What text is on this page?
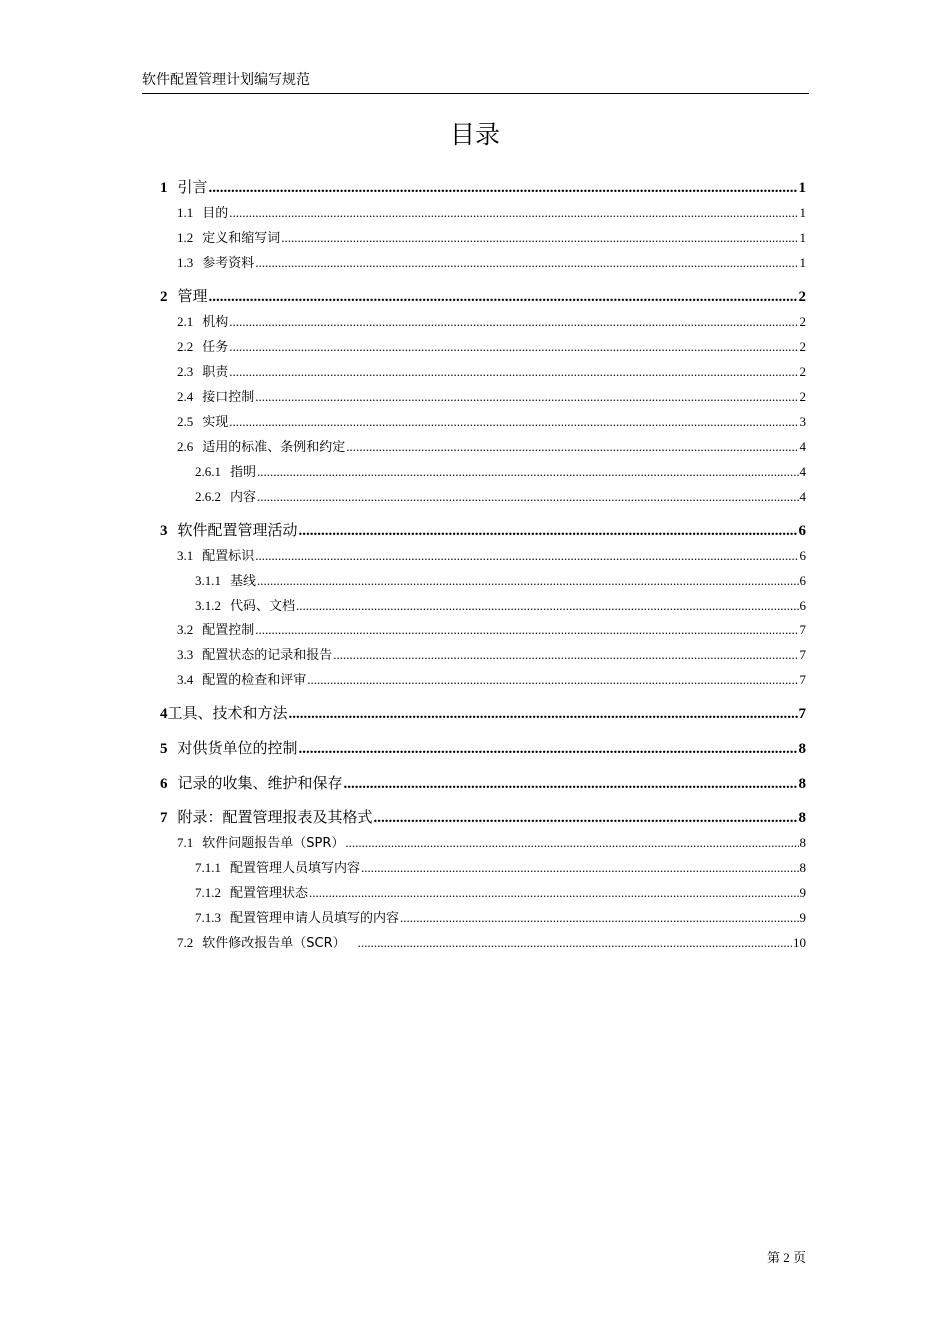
软件配置管理计划编写规范
目录
1 引言 .....	1
1.1 目的 .....	1
1.2 定义和缩写词 .....	1
1.3 参考资料 .....	1
2 管理 .....	2
2.1 机构 .....	2
2.2 任务 .....	2
2.3 职责 .....	2
2.4 接口控制 .....	2
2.5 实现 .....	3
2.6 适用的标准、条例和约定 .....	4
2.6.1 指明 .....	4
2.6.2 内容 .....	4
3 软件配置管理活动 .....	6
3.1 配置标识 .....	6
3.1.1 基线 .....	6
3.1.2 代码、文档 .....	6
3.2 配置控制 .....	7
3.3 配置状态的记录和报告 .....	7
3.4 配置的检查和评审 .....	7
4 工具、技术和方法 .....	7
5 对供货单位的控制 .....	8
6 记录的收集、维护和保存 .....	8
7 附录：配置管理报表及其格式 .....	8
7.1 软件问题报告单（SPR） .....	8
7.1.1 配置管理人员填写内容 .....	8
7.1.2 配置管理状态 .....	9
7.1.3 配置管理申请人员填写的内容 .....	9
7.2 软件修改报告单（SCR） .....	10
第 2 页
